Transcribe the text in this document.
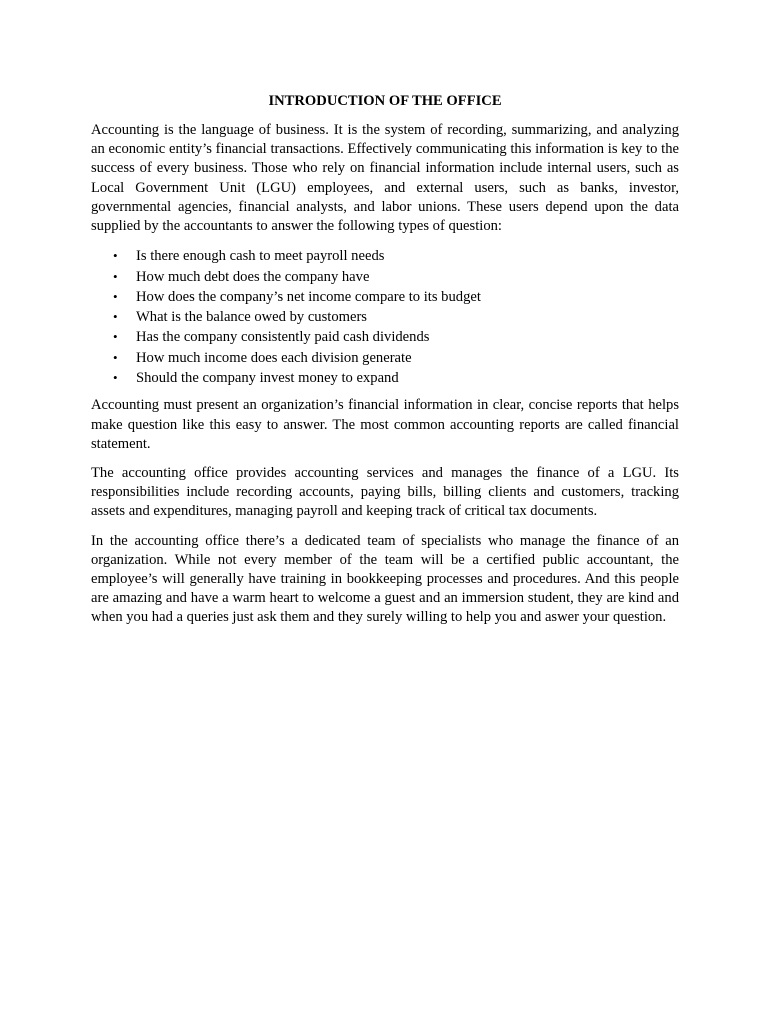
INTRODUCTION OF THE OFFICE

Accounting is the language of business. It is the system of recording, summarizing, and analyzing an economic entity’s financial transactions. Effectively communicating this information is key to the success of every business. Those who rely on financial information include internal users, such as Local Government Unit (LGU) employees, and external users, such as banks, investor, governmental agencies, financial analysts, and labor unions. These users depend upon the data supplied by the accountants to answer the following types of question:

• Is there enough cash to meet payroll needs
• How much debt does the company have
• How does the company’s net income compare to its budget
• What is the balance owed by customers
• Has the company consistently paid cash dividends
• How much income does each division generate
• Should the company invest money to expand

Accounting must present an organization’s financial information in clear, concise reports that helps make question like this easy to answer. The most common accounting reports are called financial statement.

The accounting office provides accounting services and manages the finance of a LGU. Its responsibilities include recording accounts, paying bills, billing clients and customers, tracking assets and expenditures, managing payroll and keeping track of critical tax documents.

In the accounting office there’s a dedicated team of specialists who manage the finance of an organization. While not every member of the team will be a certified public accountant, the employee’s will generally have training in bookkeeping processes and procedures. And this people are amazing and have a warm heart to welcome a guest and an immersion student, they are kind and when you had a queries just ask them and they surely willing to help you and aswer your question.
